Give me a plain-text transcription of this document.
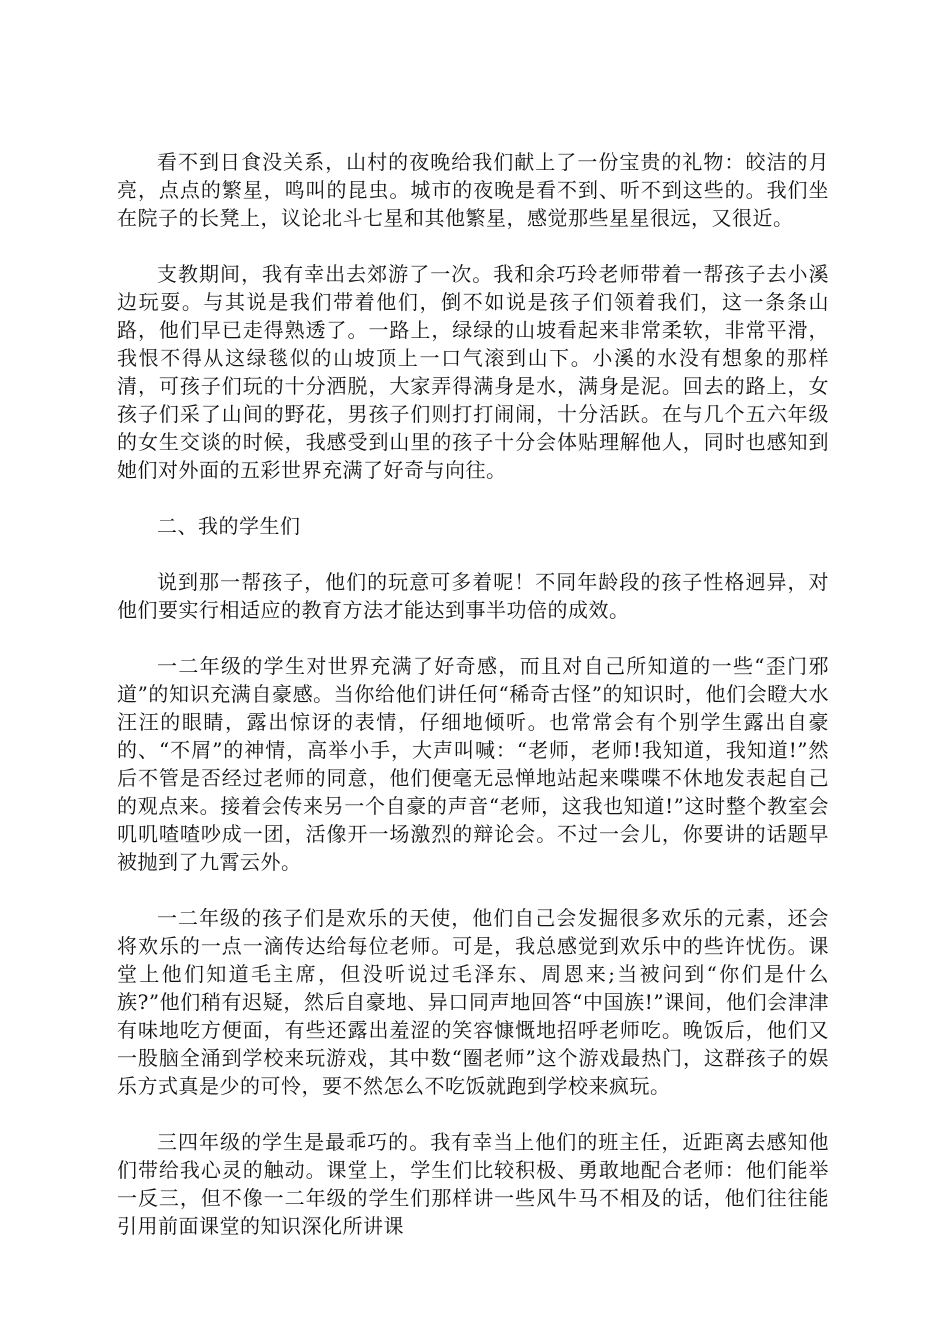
看不到日食没关系，山村的夜晚给我们献上了一份宝贵的礼物：皎洁的月亮，点点的繁星，鸣叫的昆虫。城市的夜晚是看不到、听不到这些的。我们坐在院子的长凳上，议论北斗七星和其他繁星，感觉那些星星很远，又很近。

支教期间，我有幸出去郊游了一次。我和余巧玲老师带着一帮孩子去小溪边玩耍。与其说是我们带着他们，倒不如说是孩子们领着我们，这一条条山路，他们早已走得熟透了。一路上，绿绿的山坡看起来非常柔软，非常平滑，我恨不得从这绿毯似的山坡顶上一口气滚到山下。小溪的水没有想象的那样清，可孩子们玩的十分洒脱，大家弄得满身是水，满身是泥。回去的路上，女孩子们采了山间的野花，男孩子们则打打闹闹，十分活跃。在与几个五六年级的女生交谈的时候，我感受到山里的孩子十分会体贴理解他人，同时也感知到她们对外面的五彩世界充满了好奇与向往。

二、我的学生们

说到那一帮孩子，他们的玩意可多着呢！不同年龄段的孩子性格迥异，对他们要实行相适应的教育方法才能达到事半功倍的成效。

一二年级的学生对世界充满了好奇感，而且对自己所知道的一些“歪门邪道”的知识充满自豪感。当你给他们讲任何“稀奇古怪”的知识时，他们会瞪大水汪汪的眼睛，露出惊讶的表情，仔细地倾听。也常常会有个别学生露出自豪的、“不屑”的神情，高举小手，大声叫喊：“老师，老师!我知道，我知道!”然后不管是否经过老师的同意，他们便毫无忌惮地站起来喋喋不休地发表起自己的观点来。接着会传来另一个自豪的声音“老师，这我也知道!”这时整个教室会叽叽喳喳吵成一团，活像开一场激烈的辩论会。不过一会儿，你要讲的话题早被抛到了九霄云外。

一二年级的孩子们是欢乐的天使，他们自己会发掘很多欢乐的元素，还会将欢乐的一点一滴传达给每位老师。可是，我总感觉到欢乐中的些许忧伤。课堂上他们知道毛主席，但没听说过毛泽东、周恩来;当被问到“你们是什么族?”他们稍有迟疑，然后自豪地、异口同声地回答“中国族!”课间，他们会津津有味地吃方便面，有些还露出羞涩的笑容慷慨地招呼老师吃。晚饭后，他们又一股脑全涌到学校来玩游戏，其中数“圈老师”这个游戏最热门，这群孩子的娱乐方式真是少的可怜，要不然怎么不吃饭就跑到学校来疯玩。

三四年级的学生是最乖巧的。我有幸当上他们的班主任，近距离去感知他们带给我心灵的触动。课堂上，学生们比较积极、勇敢地配合老师：他们能举一反三，但不像一二年级的学生们那样讲一些风牛马不相及的话，他们往往能引用前面课堂的知识深化所讲课
